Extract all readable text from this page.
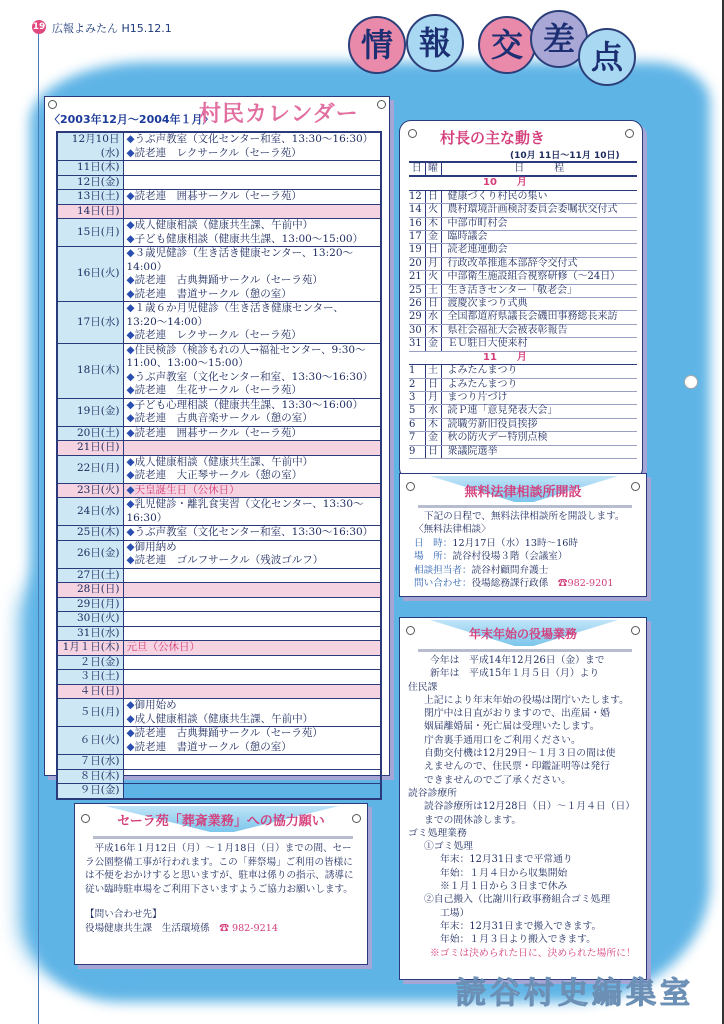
19 広報よみたん H15.12.1	情 報	交 差 点
〈2003年12月〜2004年１月〉
村民カレンダー
12月10日(水)	◆ うぶ声教室（文化センター和室、13:30〜16:30）
◆ 読老連　レクサークル（セーラ苑）

11日(木)	
12日(金)	
13日(土)	◆ 読老連　囲碁サークル（セーラ苑）

14日(日)	
15日(月)	◆ 成人健康相談（健康共生課、午前中）
◆ 子ども健康相談（健康共生課、13:00〜15:00）

16日(火)	◆ ３歳児健診（生き活き健康センター、13:20〜14:00）
◆ 読老連　古典舞踊サークル（セーラ苑）
◆ 読老連　書道サークル（憩の室）

17日(水)	◆ １歳６か月児健診（生き活き健康センター、13:20〜14:00）
◆ 読老連　レクサークル（セーラ苑）

18日(木)	◆ 住民検診（検診もれの人→福祉センター、9:30〜11:00、13:00〜15:00）
◆ うぶ声教室（文化センター和室、13:30〜16:30）
◆ 読老連　生花サークル（セーラ苑）

19日(金)	◆ 子ども心理相談（健康共生課、13:30〜16:00）
◆ 読老連　古典音楽サークル（憩の室）

20日(土)	◆ 読老連　囲碁サークル（セーラ苑）

21日(日)	
22日(月)	◆ 成人健康相談（健康共生課、午前中）
◆ 読老連　大正琴サークル（憩の室）

23日(火)	◆ 天皇誕生日（公休日）

24日(水)	◆ 乳児健診・離乳食実習（文化センター、13:30〜16:30）

25日(木)	◆ うぶ声教室（文化センター和室、13:30〜16:30）

26日(金)	◆ 御用納め
◆ 読老連　ゴルフサークル（残波ゴルフ）

27日(土)	
28日(日)	
29日(月)	
30日(火)	
31日(水)	
1月１日(木)	元旦（公休日）

２日(金)	
３日(土)	
４日(日)	
５日(月)	◆ 御用始め
◆ 成人健康相談（健康共生課、午前中）

６日(火)	◆ 読老連　古典舞踊サークル（セーラ苑）
◆ 読老連　書道サークル（憩の室）

７日(水)	
８日(木)	
９日(金)	
村長の主な動き
(10月 11日〜11月 10日)
日	曜	日　　　程
10　　月		
12	日	健康づくり村民の集い
14	火	農村環境計画検討委員会委嘱状交付式
16	木	中部市町村会
17	金	臨時議会
19	日	読老連運動会
20	月	行政改革推進本部辞令交付式
21	火	中部衛生施設組合視察研修（〜24日）
25	土	生き活きセンター「敬老会」
26	日	渡慶次まつり式典
29	水	全国都道府県議長会磯田事務総長来訪
30	木	県社会福祉大会被表彰報告
31	金	ＥＵ駐日大使来村
11　　月		
1	土	よみたんまつり
2	日	よみたんまつり
3	月	まつり片づけ
5	水	読Ｐ連「意見発表大会」
6	木	読職労新旧役員挨拶
7	金	秋の防火デー特別点検
9	日	衆議院選挙
無料法律相談所開設
下記の日程で、無料法律相談所を開設します。
〈無料法律相談〉
日　時：12月17日（水）13時〜16時
場　所：読谷村役場３階（会議室）
相談担当者：読谷村顧問弁護士
問い合わせ：役場総務課行政係　 ☎982-9201
年末年始の役場業務
今年は　平成14年12月26日（金）まで
新年は　平成15年１月５日（月）より
住民課
上記により年末年始の役場は閉庁いたします。
閉庁中は日直がおりますので、出産届・婚
姻届離婚届・死亡届は受理いたします。
庁舎裏手通用口をご利用ください。
自動交付機は12月29日〜１月３日の間は使
えませんので、住民票・印鑑証明等は発行
できませんのでご了承ください。
読谷診療所
読谷診療所は12月28日（日）〜１月４日（日）
までの間休診します。
ゴミ処理業務
①ゴミ処理
年末：12月31日まで平常通り
年始：１月４日から収集開始
※１月１日から３日まで休み
②自己搬入（比謝川行政事務組合ゴミ処理
工場）
年末：12月31日まで搬入できます。
年始：１月３日より搬入できます。
※ゴミは決められた日に、決められた場所に！
セーラ苑「葬斎業務」への協力願い
　平成16年１月12日（月）〜１月18日（日）までの間、セーラ公園整備工事が行われます。この「葬祭場」ご利用の皆様には不便をおかけすると思いますが、駐車は係りの指示、誘導に従い臨時駐車場をご利用下さいますようご協力お願いします。
【問い合わせ先】
役場健康共生課　生活環境係　 ☎ 982-9214
読谷村史編集室
